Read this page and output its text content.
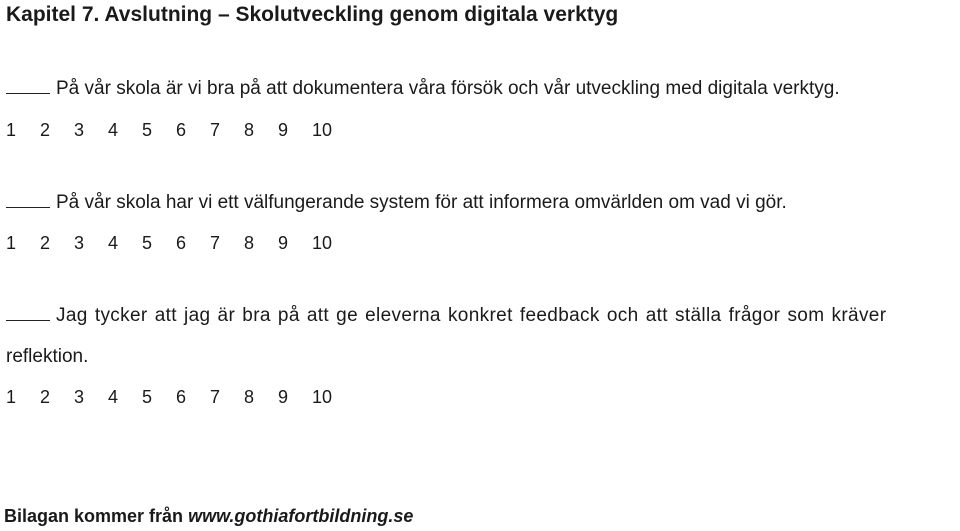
Kapitel 7. Avslutning – Skolutveckling genom digitala verktyg
På vår skola är vi bra på att dokumentera våra försök och vår utveckling med digitala verktyg.
1	2	3	4	5	6	7	8	9	10
På vår skola har vi ett välfungerande system för att informera omvärlden om vad vi gör.
1	2	3	4	5	6	7	8	9	10
Jag tycker att jag är bra på att ge eleverna konkret feedback och att ställa frågor som kräver
reflektion.
1	2	3	4	5	6	7	8	9	10
Bilagan kommer från www.gothiafortbildning.se
